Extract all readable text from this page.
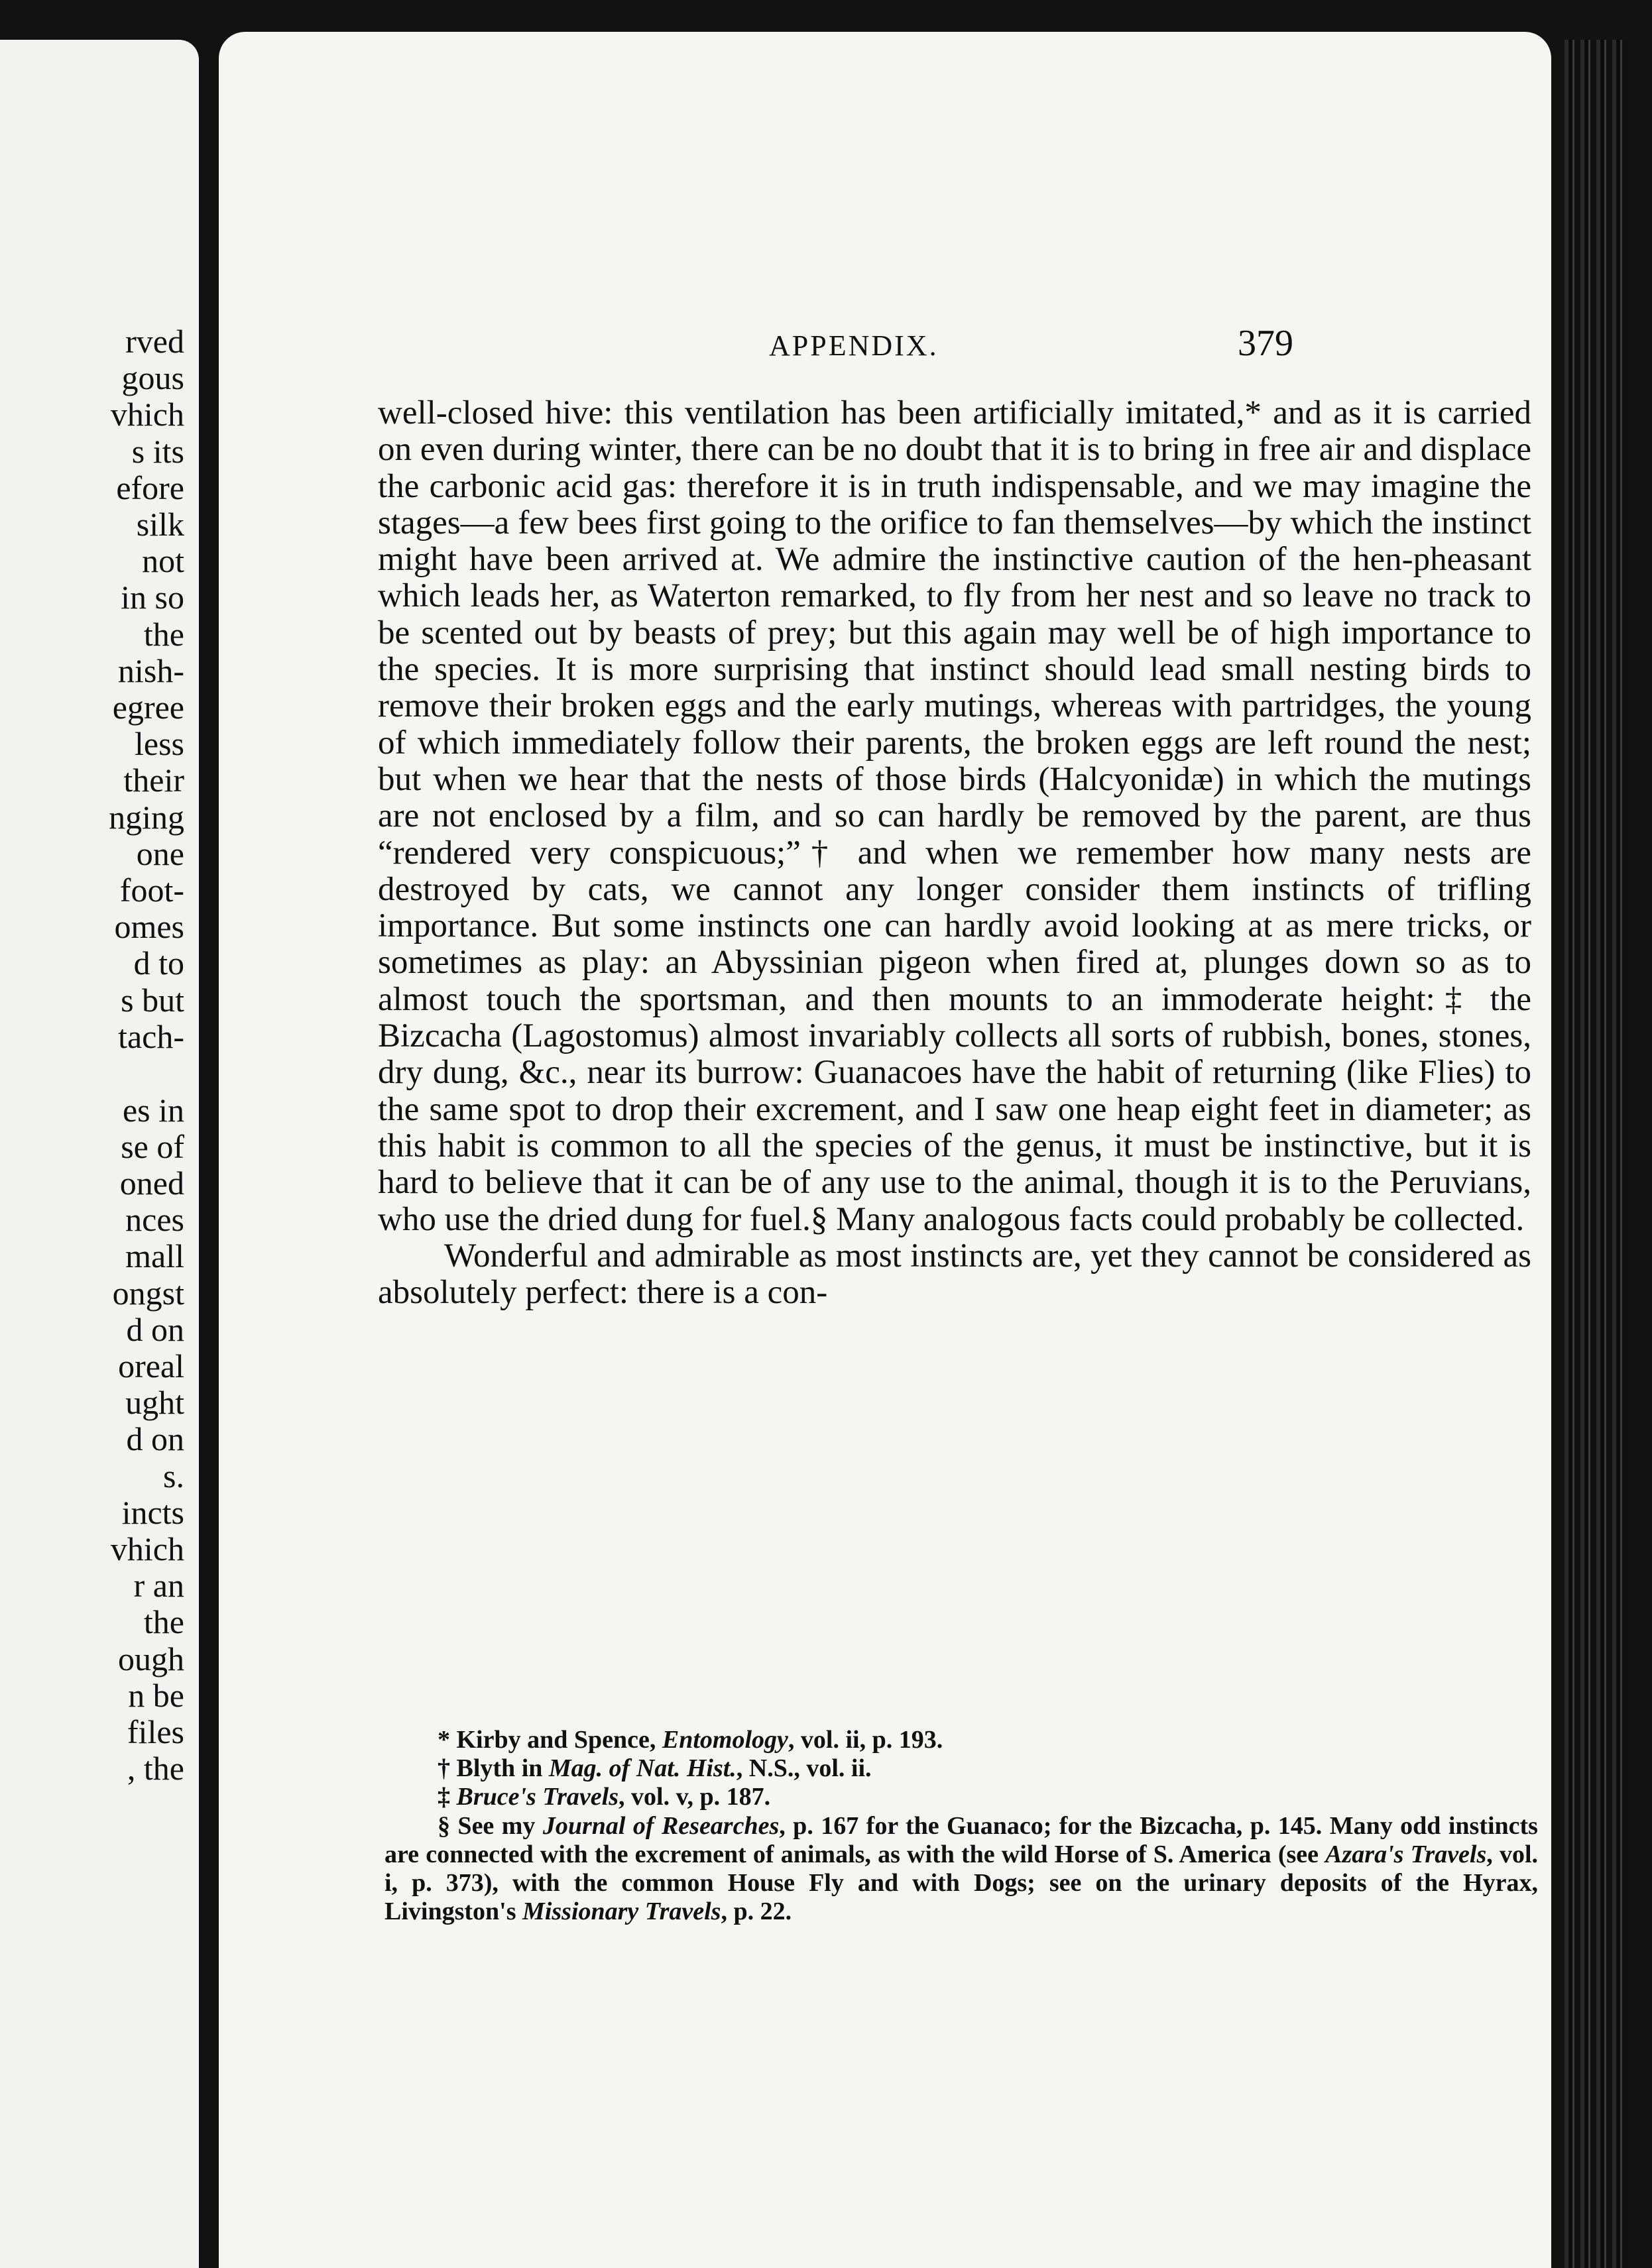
rved
gous
vhich
s its
efore
silk
not
in so
the
nish-
egree
less
their
nging
one
foot-
omes
d to
s but
tach-
es in
se of
oned
nces
mall
ongst
d on
oreal
ught
d on
s.
incts
vhich
r an
the
ough
n be
files
, the
APPENDIX.	379

well-closed hive: this ventilation has been artificially imitated,* and as it is carried on even during winter, there can be no doubt that it is to bring in free air and displace the carbonic acid gas: therefore it is in truth indispensable, and we may imagine the stages—a few bees first going to the orifice to fan themselves—by which the instinct might have been arrived at. We admire the instinctive caution of the hen-pheasant which leads her, as Waterton remarked, to fly from her nest and so leave no track to be scented out by beasts of prey; but this again may well be of high importance to the species. It is more surprising that instinct should lead small nesting birds to remove their broken eggs and the early mutings, whereas with partridges, the young of which immediately follow their parents, the broken eggs are left round the nest; but when we hear that the nests of those birds (Halcyonidæ) in which the mutings are not enclosed by a film, and so can hardly be removed by the parent, are thus “rendered very conspicuous;”† and when we remember how many nests are destroyed by cats, we cannot any longer consider them instincts of trifling importance. But some instincts one can hardly avoid looking at as mere tricks, or sometimes as play: an Abyssinian pigeon when fired at, plunges down so as to almost touch the sportsman, and then mounts to an immoderate height:‡ the Bizcacha (Lagostomus) almost invariably collects all sorts of rubbish, bones, stones, dry dung, &c., near its burrow: Guanacoes have the habit of returning (like Flies) to the same spot to drop their excrement, and I saw one heap eight feet in diameter; as this habit is common to all the species of the genus, it must be instinctive, but it is hard to believe that it can be of any use to the animal, though it is to the Peruvians, who use the dried dung for fuel.§ Many analogous facts could probably be collected.

Wonderful and admirable as most instincts are, yet they cannot be considered as absolutely perfect: there is a con-

* Kirby and Spence, Entomology, vol. ii, p. 193.

† Blyth in Mag. of Nat. Hist., N.S., vol. ii.

‡ Bruce's Travels, vol. v, p. 187.

§ See my Journal of Researches, p. 167 for the Guanaco; for the Bizcacha, p. 145. Many odd instincts are connected with the excrement of animals, as with the wild Horse of S. America (see Azara's Travels, vol. i, p. 373), with the common House Fly and with Dogs; see on the urinary deposits of the Hyrax, Livingston's Missionary Travels, p. 22.
